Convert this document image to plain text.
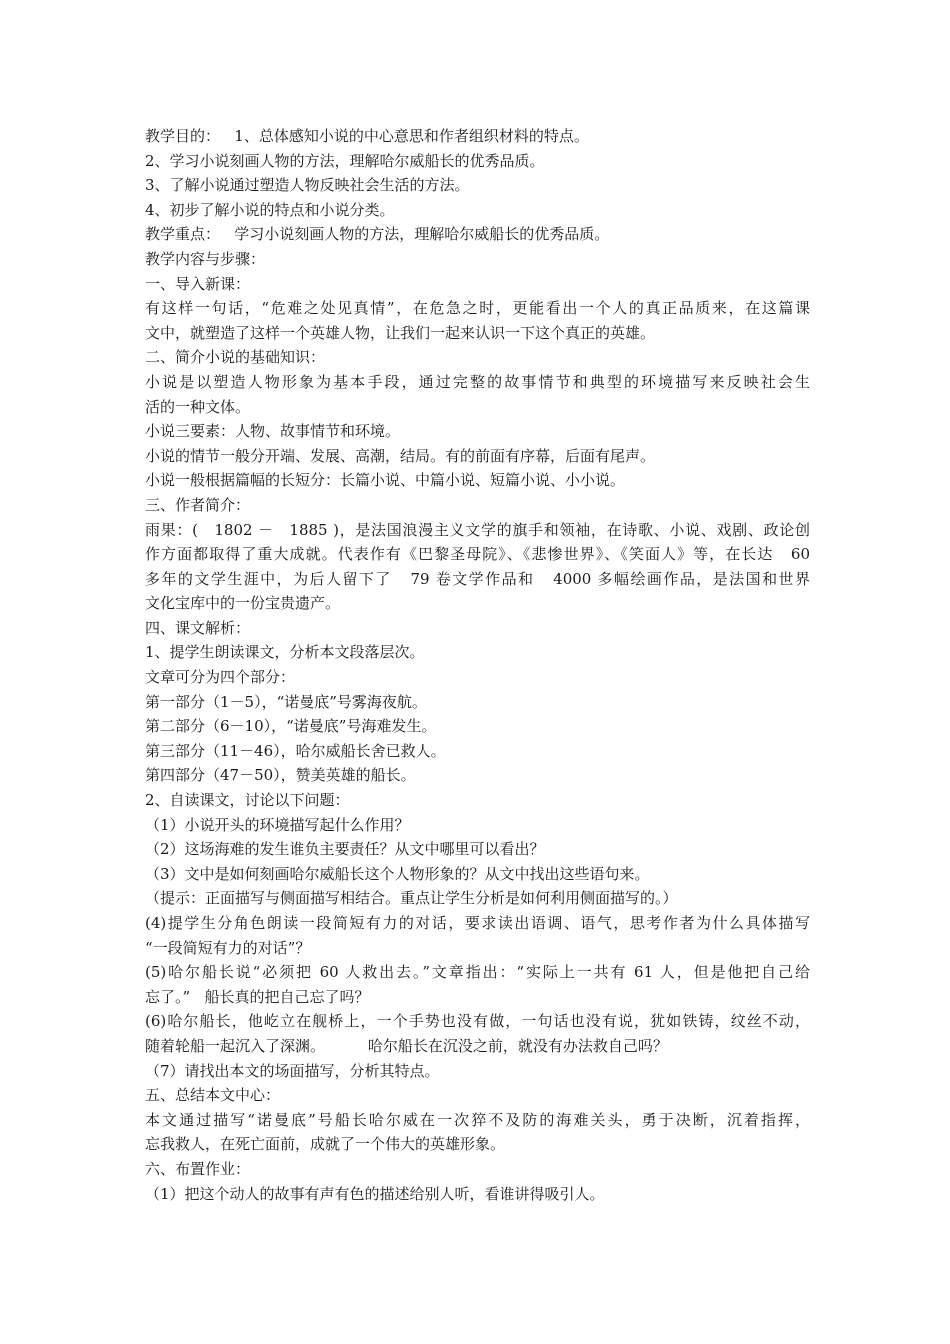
教学目的：   1、总体感知小说的中心意思和作者组织材料的特点。
2、学习小说刻画人物的方法，理解哈尔威船长的优秀品质。
3、了解小说通过塑造人物反映社会生活的方法。
4、初步了解小说的特点和小说分类。
教学重点：   学习小说刻画人物的方法，理解哈尔威船长的优秀品质。
教学内容与步骤：
一、导入新课：
有这样一句话，“危难之处见真情”，在危急之时，更能看出一个人的真正品质来，在这篇课
文中，就塑造了这样一个英雄人物，让我们一起来认识一下这个真正的英雄。
二、简介小说的基础知识：
小说是以塑造人物形象为基本手段，通过完整的故事情节和典型的环境描写来反映社会生
活的一种文体。
小说三要素：人物、故事情节和环境。
小说的情节一般分开端、发展、高潮，结局。有的前面有序幕，后面有尾声。
小说一般根据篇幅的长短分：长篇小说、中篇小说、短篇小说、小小说。
三、作者简介：
雨果：(   1802 －   1885 )，是法国浪漫主义文学的旗手和领袖，在诗歌、小说、戏剧、政论创
作方面都取得了重大成就。代表作有《巴黎圣母院》、《悲惨世界》、《笑面人》等，在长达   60
多年的文学生涯中，为后人留下了   79 卷文学作品和   4000 多幅绘画作品，是法国和世界
文化宝库中的一份宝贵遗产。
四、课文解析：
1、提学生朗读课文，分析本文段落层次。
文章可分为四个部分：
第一部分（1－5），“诺曼底”号雾海夜航。
第二部分（6－10），“诺曼底”号海难发生。
第三部分（11－46），哈尔威船长舍已救人。
第四部分（47－50），赞美英雄的船长。
2、自读课文，讨论以下问题：
（1）小说开头的环境描写起什么作用？
（2）这场海难的发生谁负主要责任？从文中哪里可以看出？
（3）文中是如何刻画哈尔威船长这个人物形象的？从文中找出这些语句来。
（提示：正面描写与侧面描写相结合。重点让学生分析是如何利用侧面描写的。）
(4)提学生分角色朗读一段简短有力的对话，要求读出语调、语气，思考作者为什么具体描写
“一段简短有力的对话”？
(5)哈尔船长说“必须把 60 人救出去。”文章指出：“实际上一共有 61 人，但是他把自己给
忘了。”   船长真的把自己忘了吗？
(6)哈尔船长，他屹立在舰桥上，一个手势也没有做，一句话也没有说，犹如铁铸，纹丝不动，
随着轮船一起沉入了深渊。         哈尔船长在沉没之前，就没有办法救自己吗？
（7）请找出本文的场面描写，分析其特点。
五、总结本文中心：
本文通过描写“诺曼底”号船长哈尔威在一次猝不及防的海难关头，勇于决断，沉着指挥，
忘我救人，在死亡面前，成就了一个伟大的英雄形象。
六、布置作业：
（1）把这个动人的故事有声有色的描述给别人听，看谁讲得吸引人。
